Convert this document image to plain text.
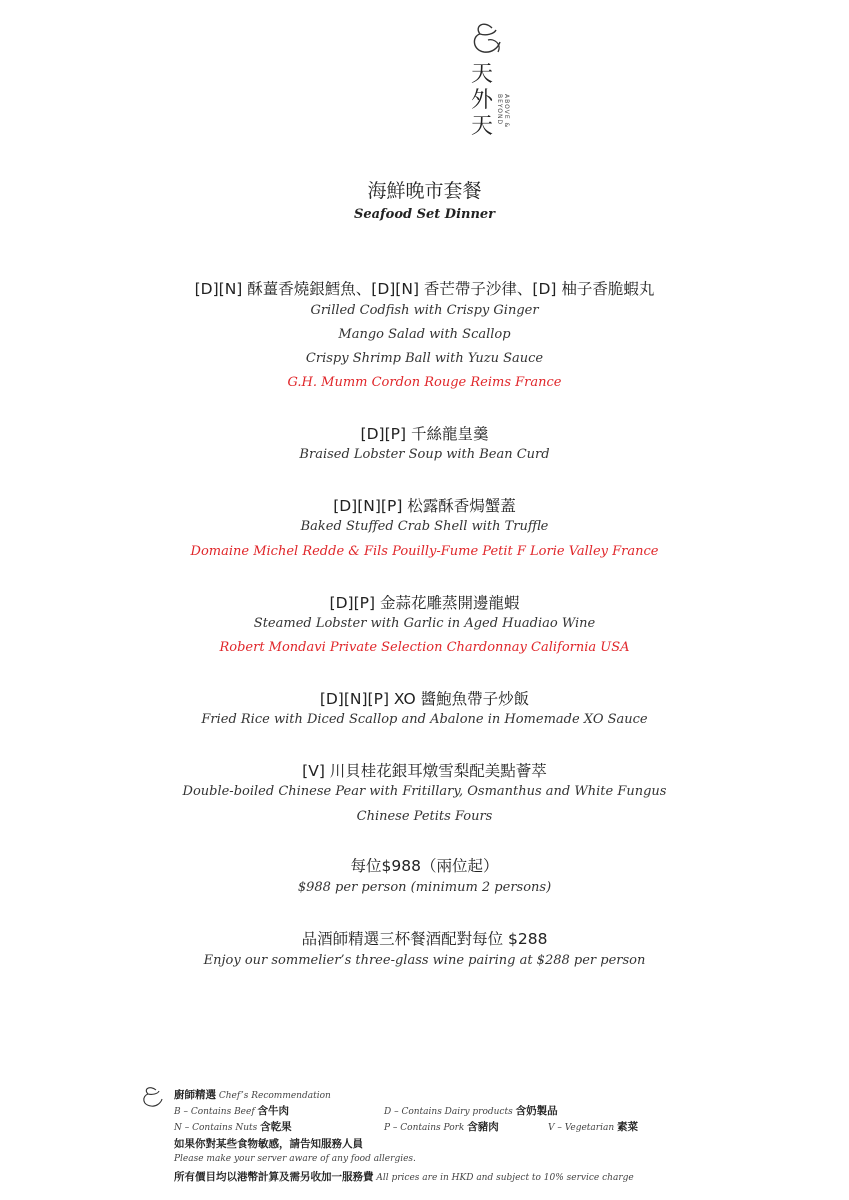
天
外
天	ABOVE & BEYOND
海鮮晚市套餐
Seafood Set Dinner
[D][N] 酥薑香燒銀鱈魚、[D][N] 香芒帶子沙律、[D] 柚子香脆蝦丸
Grilled Codfish with Crispy Ginger
Mango Salad with Scallop
Crispy Shrimp Ball with Yuzu Sauce
G.H. Mumm Cordon Rouge Reims France
[D][P] 千絲龍皇羹
Braised Lobster Soup with Bean Curd
[D][N][P] 松露酥香焗蟹蓋
Baked Stuffed Crab Shell with Truffle
Domaine Michel Redde & Fils Pouilly-Fume Petit F Lorie Valley France
[D][P] 金蒜花雕蒸開邊龍蝦
Steamed Lobster with Garlic in Aged Huadiao Wine
Robert Mondavi Private Selection Chardonnay California USA
[D][N][P] XO 醬鮑魚帶子炒飯
Fried Rice with Diced Scallop and Abalone in Homemade XO Sauce
[V] 川貝桂花銀耳燉雪梨配美點薈萃
Double-boiled Chinese Pear with Fritillary, Osmanthus and White Fungus
Chinese Petits Fours
每位$988（兩位起）
$988 per person (minimum 2 persons)
品酒師精選三杯餐酒配對每位 $288
Enjoy our sommelier’s three-glass wine pairing at $288 per person
廚師精選 Chef’s Recommendation
B – Contains Beef 含牛肉	D – Contains Dairy products 含奶製品
N – Contains Nuts 含乾果	P – Contains Pork 含豬肉	V – Vegetarian 素菜
如果你對某些食物敏感，請告知服務人員
Please make your server aware of any food allergies.
所有價目均以港幣計算及需另收加一服務費 All prices are in HKD and subject to 10% service charge
